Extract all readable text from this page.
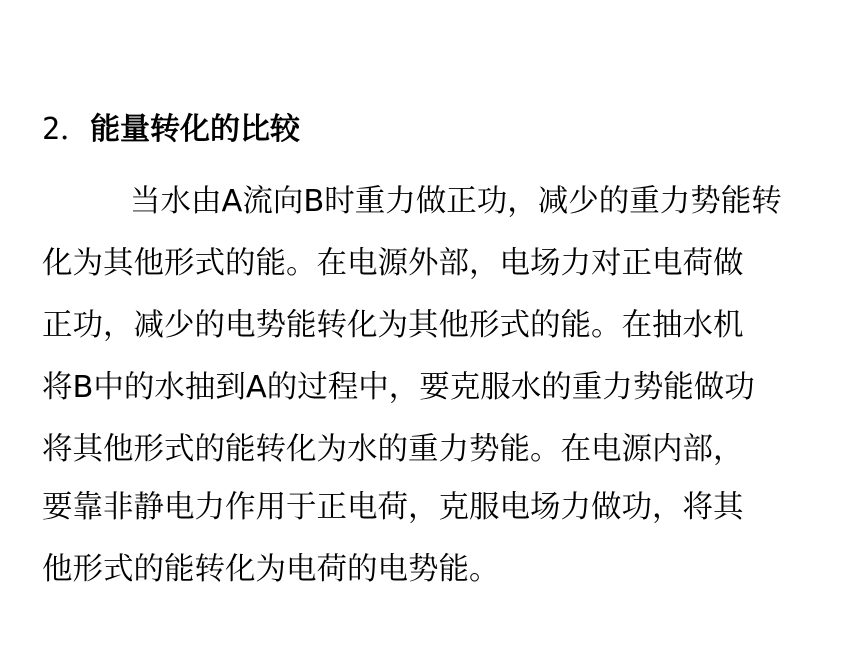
2．能量转化的比较
当水由A流向B时重力做正功，减少的重力势能转
化为其他形式的能。在电源外部，电场力对正电荷做
正功，减少的电势能转化为其他形式的能。在抽水机
将B中的水抽到A的过程中，要克服水的重力势能做功
将其他形式的能转化为水的重力势能。在电源内部，
要靠非静电力作用于正电荷，克服电场力做功，将其
他形式的能转化为电荷的电势能。
